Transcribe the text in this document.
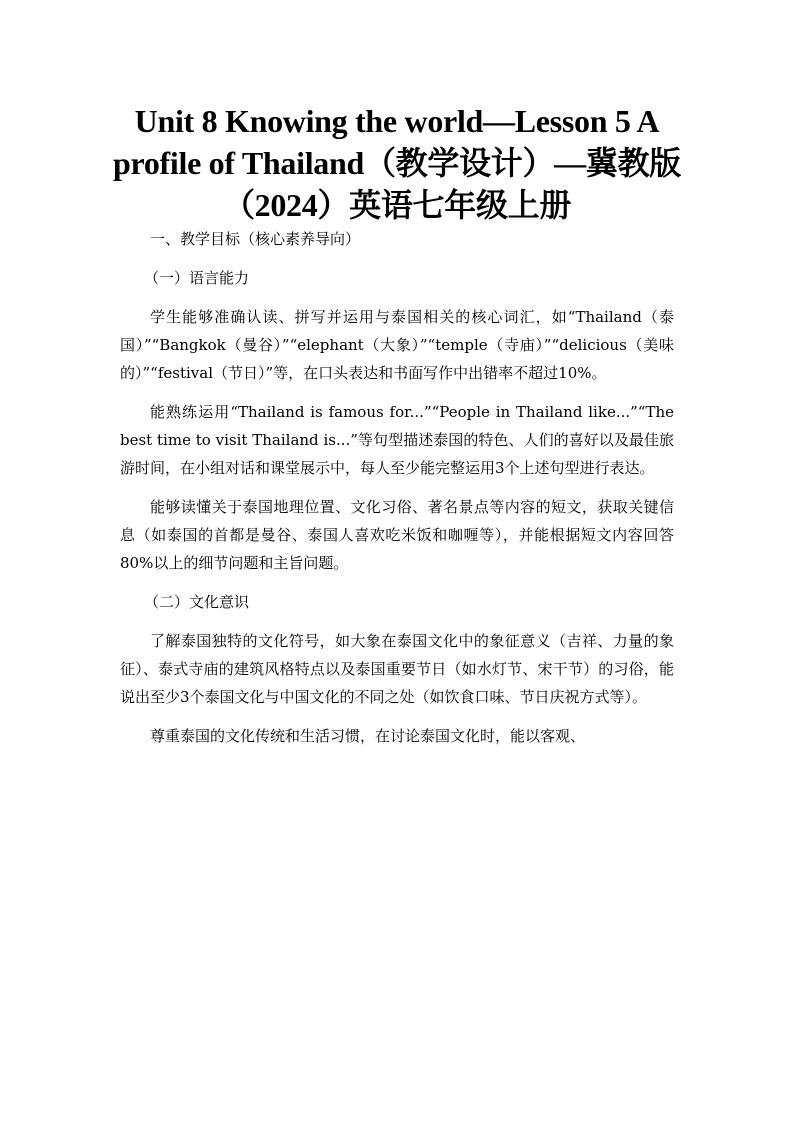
Unit 8 Knowing the world—Lesson 5 A profile of Thailand（教学设计）—冀教版（2024）英语七年级上册

一、教学目标（核心素养导向）

（一）语言能力

学生能够准确认读、拼写并运用与泰国相关的核心词汇，如“Thailand（泰国）”“Bangkok（曼谷）”“elephant（大象）”“temple（寺庙）”“delicious（美味的）”“festival（节日）”等，在口头表达和书面写作中出错率不超过10%。

能熟练运用“Thailand is famous for...”“People in Thailand like...”“The best time to visit Thailand is...”等句型描述泰国的特色、人们的喜好以及最佳旅游时间，在小组对话和课堂展示中，每人至少能完整运用3个上述句型进行表达。

能够读懂关于泰国地理位置、文化习俗、著名景点等内容的短文，获取关键信息（如泰国的首都是曼谷、泰国人喜欢吃米饭和咖喱等），并能根据短文内容回答80%以上的细节问题和主旨问题。

（二）文化意识

了解泰国独特的文化符号，如大象在泰国文化中的象征意义（吉祥、力量的象征）、泰式寺庙的建筑风格特点以及泰国重要节日（如水灯节、宋干节）的习俗，能说出至少3个泰国文化与中国文化的不同之处（如饮食口味、节日庆祝方式等）。

尊重泰国的文化传统和生活习惯，在讨论泰国文化时，能以客观、
